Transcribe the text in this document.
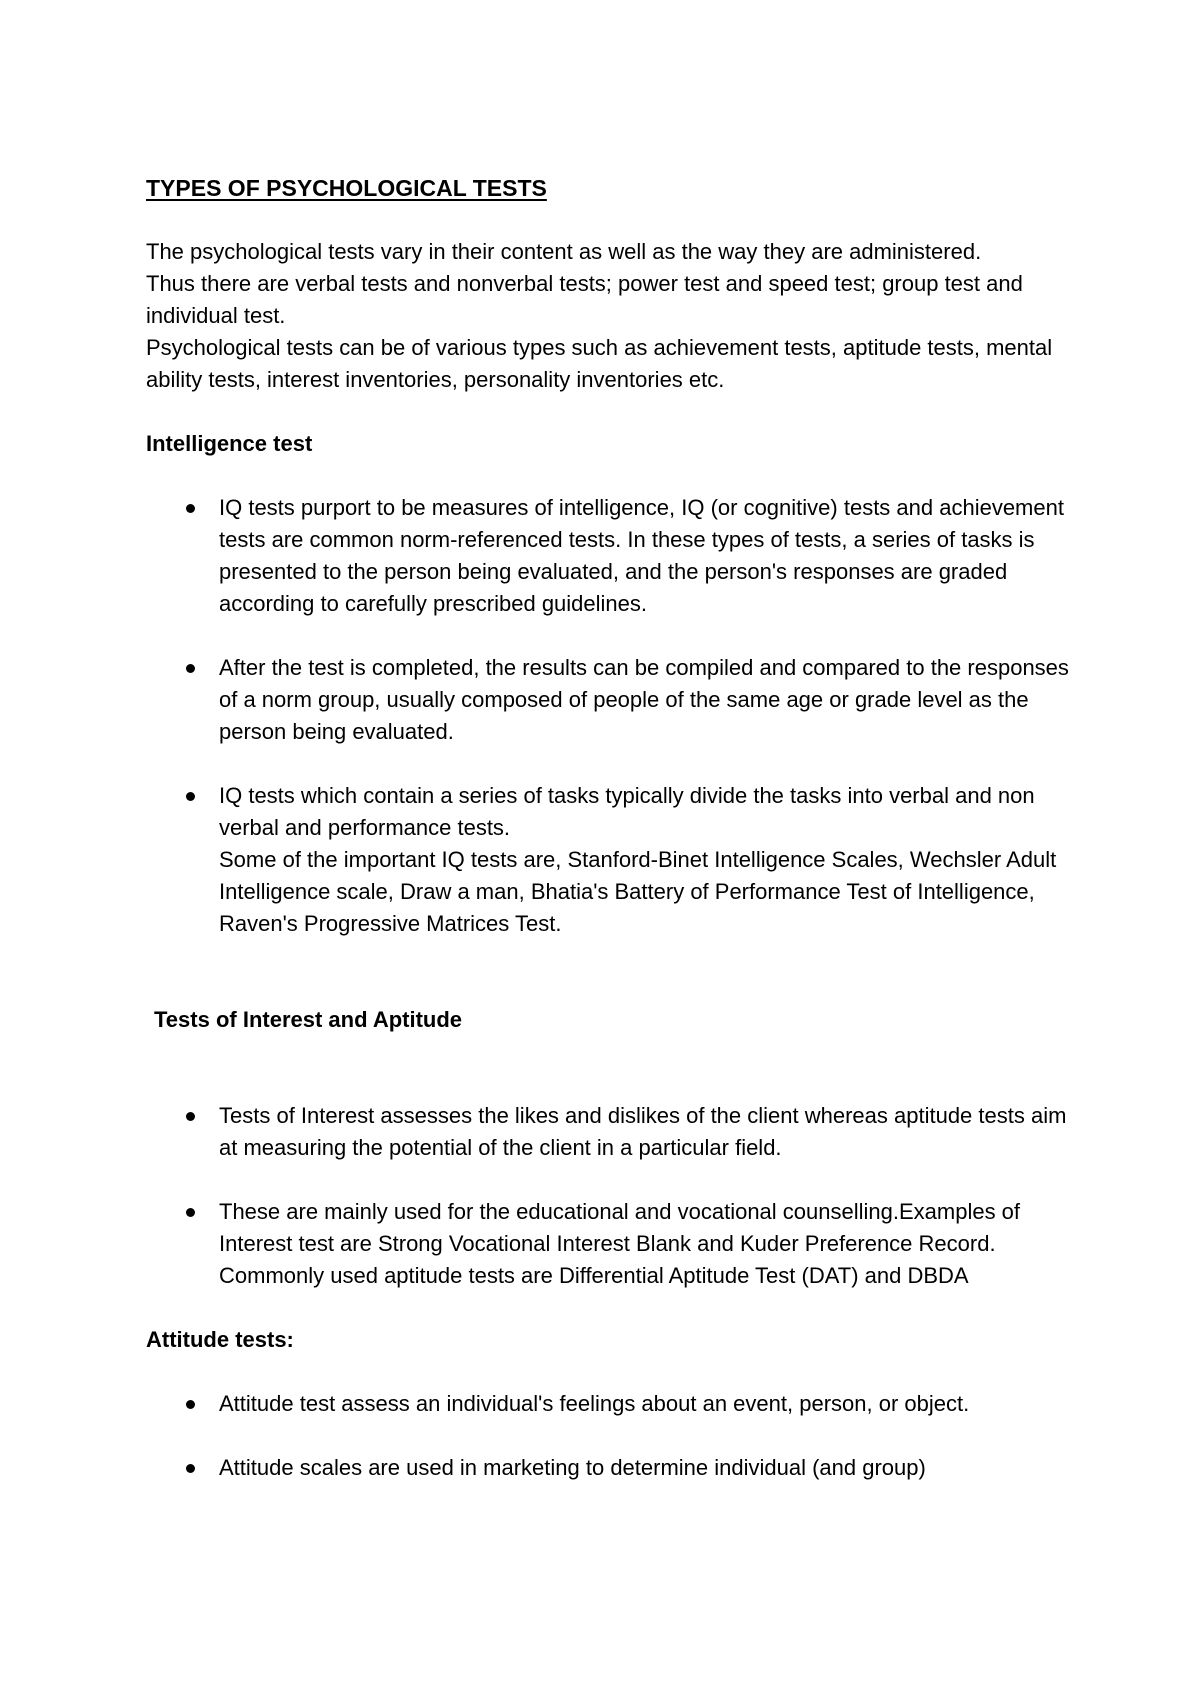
TYPES OF PSYCHOLOGICAL TESTS

The psychological tests vary in their content as well as the way they are administered.

Thus there are verbal tests and nonverbal tests; power test and speed test; group test and individual test.

Psychological tests can be of various types such as achievement tests, aptitude tests, mental ability tests, interest inventories, personality inventories etc.

Intelligence test
IQ tests purport to be measures of intelligence, IQ (or cognitive) tests and achievement tests are common norm-referenced tests. In these types of tests, a series of tasks is presented to the person being evaluated, and the person's responses are graded according to carefully prescribed guidelines.
After the test is completed, the results can be compiled and compared to the responses of a norm group, usually composed of people of the same age or grade level as the person being evaluated.
IQ tests which contain a series of tasks typically divide the tasks into verbal and non verbal and performance tests.
Some of the important IQ tests are, Stanford-Binet Intelligence Scales, Wechsler Adult Intelligence scale, Draw a man, Bhatia's Battery of Performance Test of Intelligence, Raven's Progressive Matrices Test.
Tests of Interest and Aptitude
Tests of Interest assesses the likes and dislikes of the client whereas aptitude tests aim at measuring the potential of the client in a particular field.
These are mainly used for the educational and vocational counselling.Examples of Interest test are Strong Vocational Interest Blank and Kuder Preference Record. Commonly used aptitude tests are Differential Aptitude Test (DAT) and DBDA
Attitude tests:
Attitude test assess an individual's feelings about an event, person, or object.
Attitude scales are used in marketing to determine individual (and group)
